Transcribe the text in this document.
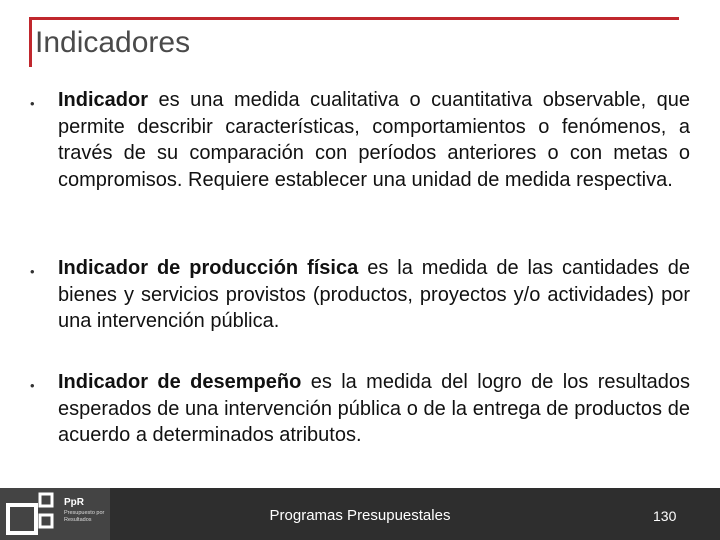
Indicadores
• Indicador es una medida cualitativa o cuantitativa observable, que permite describir características, comportamientos o fenómenos, a través de su comparación con períodos anteriores o con metas o compromisos. Requiere establecer una unidad de medida respectiva.

• Indicador de producción física es la medida de las cantidades de bienes y servicios provistos (productos, proyectos y/o actividades) por una intervención pública.

• Indicador de desempeño es la medida del logro de los resultados esperados de una intervención pública o de la entrega de productos de acuerdo a determinados atributos.

PpR
Presupuesto por Resultados	Programas Presupuestales	130
